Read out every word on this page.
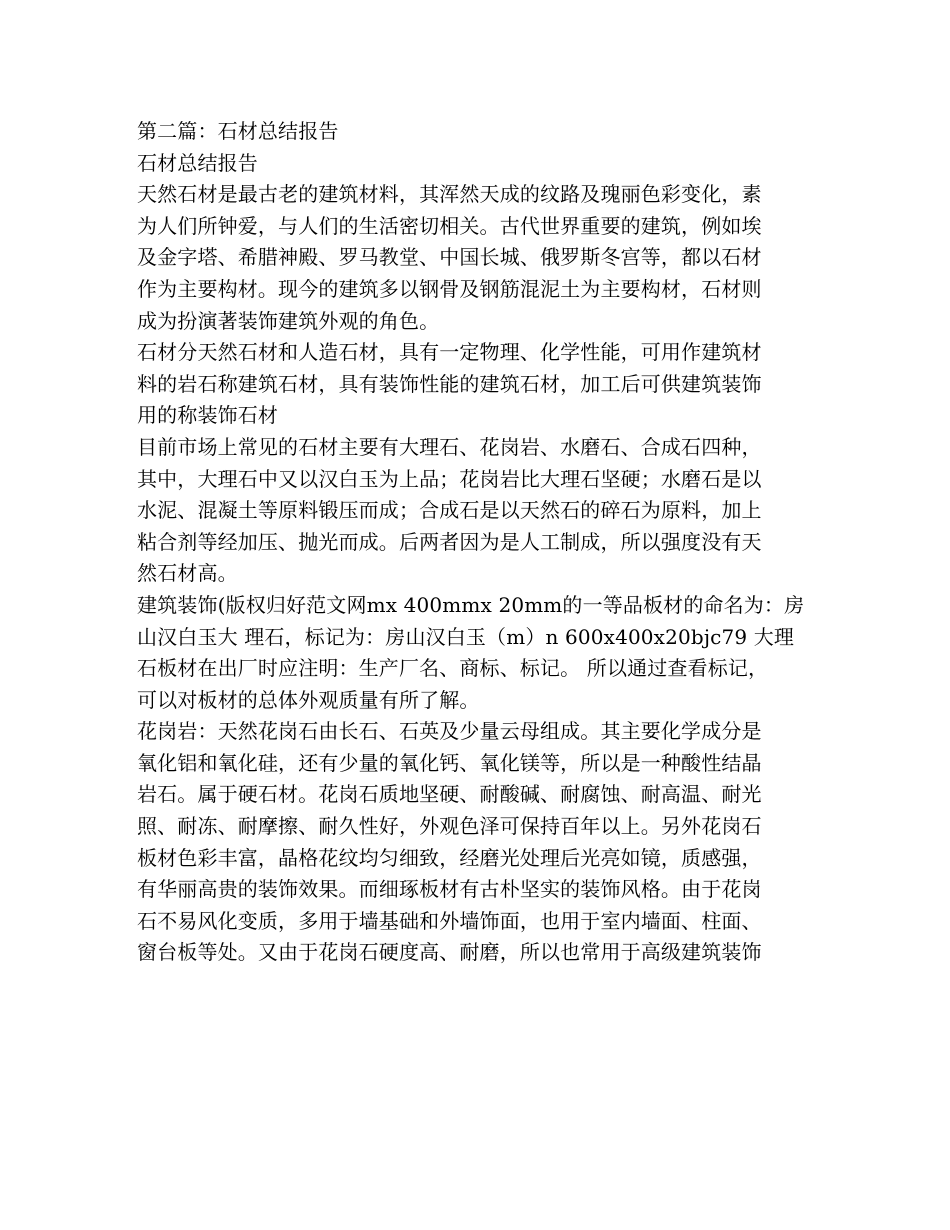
第二篇：石材总结报告

石材总结报告

天然石材是最古老的建筑材料，其浑然天成的纹路及瑰丽色彩变化，素
为人们所钟爱，与人们的生活密切相关。古代世界重要的建筑，例如埃
及金字塔、希腊神殿、罗马教堂、中国长城、俄罗斯冬宫等，都以石材
作为主要构材。现今的建筑多以钢骨及钢筋混泥土为主要构材，石材则
成为扮演著装饰建筑外观的角色。

石材分天然石材和人造石材，具有一定物理、化学性能，可用作建筑材
料的岩石称建筑石材，具有装饰性能的建筑石材，加工后可供建筑装饰
用的称装饰石材

目前市场上常见的石材主要有大理石、花岗岩、水磨石、合成石四种，
其中，大理石中又以汉白玉为上品；花岗岩比大理石坚硬；水磨石是以
水泥、混凝土等原料锻压而成；合成石是以天然石的碎石为原料，加上
粘合剂等经加压、抛光而成。后两者因为是人工制成，所以强度没有天
然石材高。

建筑装饰(版权归好范文网mx 400mmx 20mm的一等品板材的命名为：房
山汉白玉大 理石，标记为：房山汉白玉（m）n 600x400x20bjc79 大理
石板材在出厂时应注明：生产厂名、商标、标记。 所以通过查看标记，
可以对板材的总体外观质量有所了解。

花岗岩：天然花岗石由长石、石英及少量云母组成。其主要化学成分是
氧化铝和氧化硅，还有少量的氧化钙、氧化镁等，所以是一种酸性结晶
岩石。属于硬石材。花岗石质地坚硬、耐酸碱、耐腐蚀、耐高温、耐光
照、耐冻、耐摩擦、耐久性好，外观色泽可保持百年以上。另外花岗石
板材色彩丰富，晶格花纹均匀细致，经磨光处理后光亮如镜，质感强，
有华丽高贵的装饰效果。而细琢板材有古朴坚实的装饰风格。由于花岗
石不易风化变质，多用于墙基础和外墙饰面，也用于室内墙面、柱面、
窗台板等处。又由于花岗石硬度高、耐磨，所以也常用于高级建筑装饰
